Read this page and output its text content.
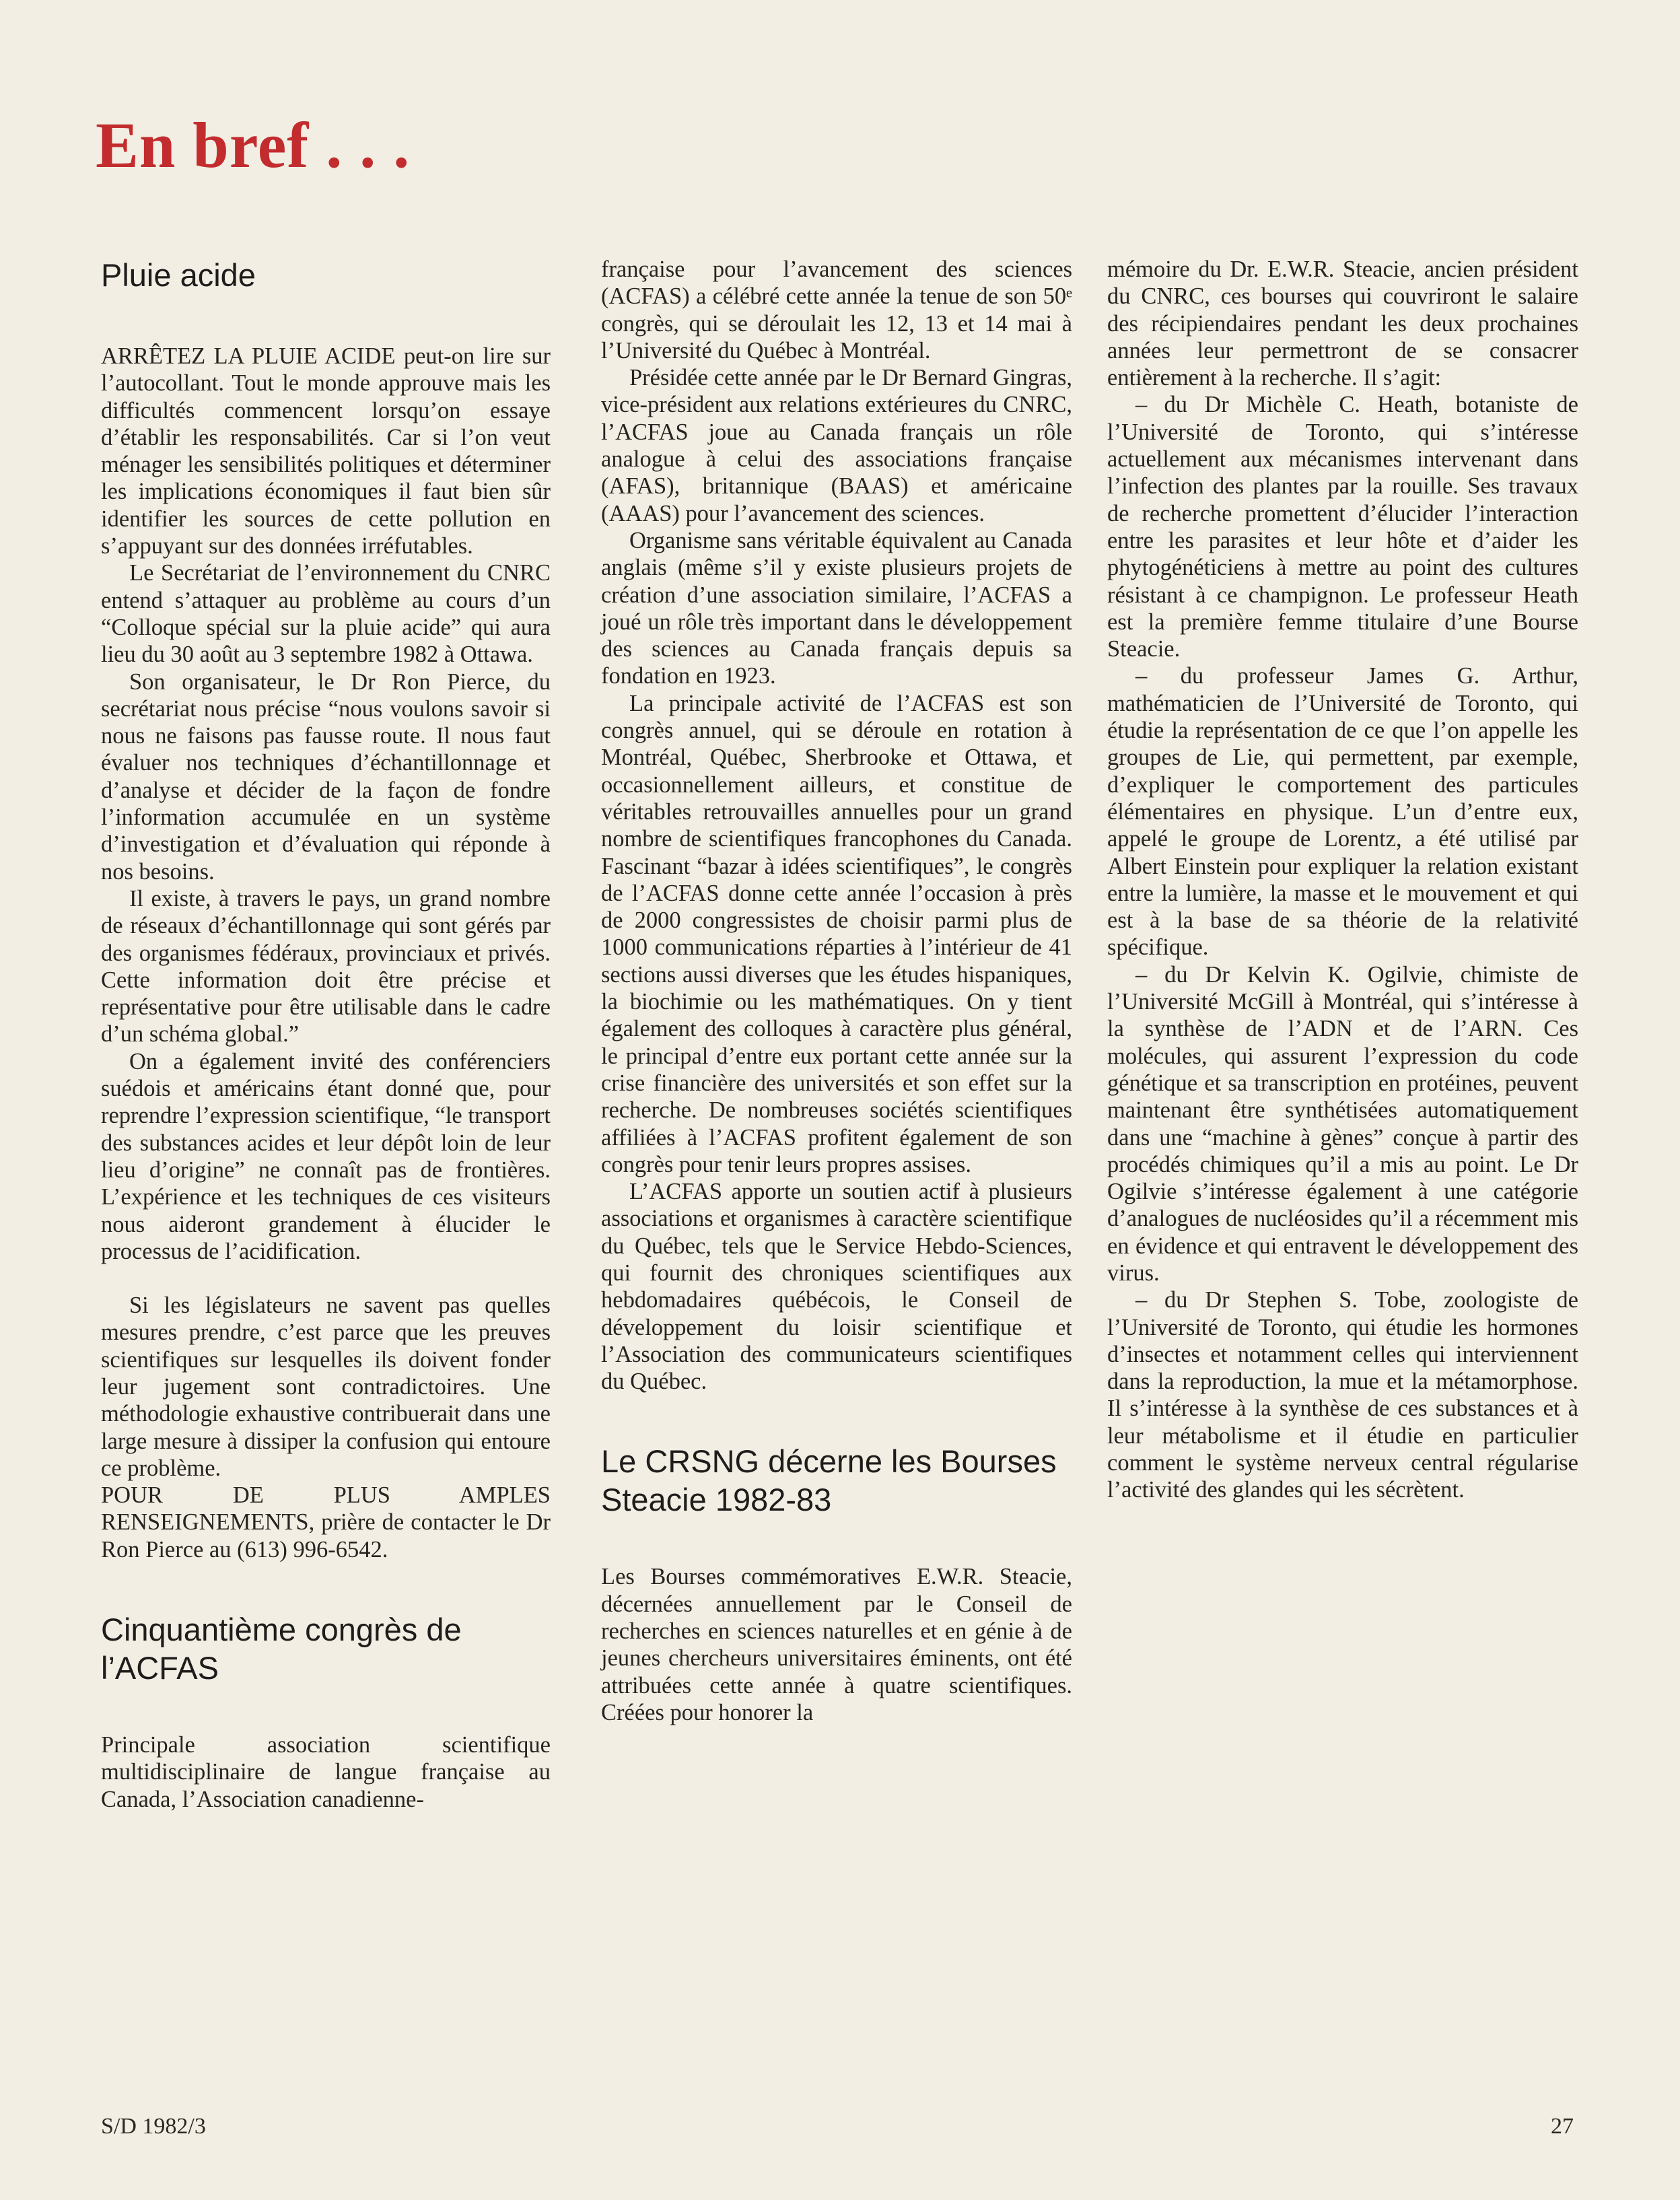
En bref . . .
Pluie acide

ARRÊTEZ LA PLUIE ACIDE peut-on lire sur l’autocollant. Tout le monde approuve mais les difficultés commencent lorsqu’on essaye d’établir les responsabilités. Car si l’on veut ménager les sensibilités politiques et déterminer les implications économiques il faut bien sûr identifier les sources de cette pollution en s’appuyant sur des données irréfutables.

Le Secrétariat de l’environnement du CNRC entend s’attaquer au problème au cours d’un “Colloque spécial sur la pluie acide” qui aura lieu du 30 août au 3 septembre 1982 à Ottawa.

Son organisateur, le Dr Ron Pierce, du secrétariat nous précise “nous voulons savoir si nous ne faisons pas fausse route. Il nous faut évaluer nos techniques d’échantillonnage et d’analyse et décider de la façon de fondre l’information accumulée en un système d’investigation et d’évaluation qui réponde à nos besoins.

Il existe, à travers le pays, un grand nombre de réseaux d’échantillonnage qui sont gérés par des organismes fédéraux, provinciaux et privés. Cette information doit être précise et représentative pour être utilisable dans le cadre d’un schéma global.”

On a également invité des conférenciers suédois et américains étant donné que, pour reprendre l’expression scientifique, “le transport des substances acides et leur dépôt loin de leur lieu d’origine” ne connaît pas de frontières. L’expérience et les techniques de ces visiteurs nous aideront grandement à élucider le processus de l’acidification.

Si les législateurs ne savent pas quelles mesures prendre, c’est parce que les preuves scientifiques sur lesquelles ils doivent fonder leur jugement sont contradictoires. Une méthodologie exhaustive contribuerait dans une large mesure à dissiper la confusion qui entoure ce problème.

POUR DE PLUS AMPLES RENSEIGNEMENTS, prière de contacter le Dr Ron Pierce au (613) 996-6542.

Cinquantième congrès de l’ACFAS

Principale association scientifique multidisciplinaire de langue française au Canada, l’Association canadienne-

française pour l’avancement des sciences (ACFAS) a célébré cette année la tenue de son 50ᵉ congrès, qui se déroulait les 12, 13 et 14 mai à l’Université du Québec à Montréal.

Présidée cette année par le Dr Bernard Gingras, vice-président aux relations extérieures du CNRC, l’ACFAS joue au Canada français un rôle analogue à celui des associations française (AFAS), britannique (BAAS) et américaine (AAAS) pour l’avancement des sciences.

Organisme sans véritable équivalent au Canada anglais (même s’il y existe plusieurs projets de création d’une association similaire, l’ACFAS a joué un rôle très important dans le développement des sciences au Canada français depuis sa fondation en 1923.

La principale activité de l’ACFAS est son congrès annuel, qui se déroule en rotation à Montréal, Québec, Sherbrooke et Ottawa, et occasionnellement ailleurs, et constitue de véritables retrouvailles annuelles pour un grand nombre de scientifiques francophones du Canada. Fascinant “bazar à idées scientifiques”, le congrès de l’ACFAS donne cette année l’occasion à près de 2000 congressistes de choisir parmi plus de 1000 communications réparties à l’intérieur de 41 sections aussi diverses que les études hispaniques, la biochimie ou les mathématiques. On y tient également des colloques à caractère plus général, le principal d’entre eux portant cette année sur la crise financière des universités et son effet sur la recherche. De nombreuses sociétés scientifiques affiliées à l’ACFAS profitent également de son congrès pour tenir leurs propres assises.

L’ACFAS apporte un soutien actif à plusieurs associations et organismes à caractère scientifique du Québec, tels que le Service Hebdo-Sciences, qui fournit des chroniques scientifiques aux hebdomadaires québécois, le Conseil de développement du loisir scientifique et l’Association des communicateurs scientifiques du Québec.

Le CRSNG décerne les Bourses Steacie 1982-83

Les Bourses commémoratives E.W.R. Steacie, décernées annuellement par le Conseil de recherches en sciences naturelles et en génie à de jeunes chercheurs universitaires éminents, ont été attribuées cette année à quatre scientifiques. Créées pour honorer la

mémoire du Dr. E.W.R. Steacie, ancien président du CNRC, ces bourses qui couvriront le salaire des récipiendaires pendant les deux prochaines années leur permettront de se consacrer entièrement à la recherche. Il s’agit:

– du Dr Michèle C. Heath, botaniste de l’Université de Toronto, qui s’intéresse actuellement aux mécanismes intervenant dans l’infection des plantes par la rouille. Ses travaux de recherche promettent d’élucider l’interaction entre les parasites et leur hôte et d’aider les phytogénéticiens à mettre au point des cultures résistant à ce champignon. Le professeur Heath est la première femme titulaire d’une Bourse Steacie.

– du professeur James G. Arthur, mathématicien de l’Université de Toronto, qui étudie la représentation de ce que l’on appelle les groupes de Lie, qui permettent, par exemple, d’expliquer le comportement des particules élémentaires en physique. L’un d’entre eux, appelé le groupe de Lorentz, a été utilisé par Albert Einstein pour expliquer la relation existant entre la lumière, la masse et le mouvement et qui est à la base de sa théorie de la relativité spécifique.

– du Dr Kelvin K. Ogilvie, chimiste de l’Université McGill à Montréal, qui s’intéresse à la synthèse de l’ADN et de l’ARN. Ces molécules, qui assurent l’expression du code génétique et sa transcription en protéines, peuvent maintenant être synthétisées automatiquement dans une “machine à gènes” conçue à partir des procédés chimiques qu’il a mis au point. Le Dr Ogilvie s’intéresse également à une catégorie d’analogues de nucléosides qu’il a récemment mis en évidence et qui entravent le développement des virus.

– du Dr Stephen S. Tobe, zoologiste de l’Université de Toronto, qui étudie les hormones d’insectes et notamment celles qui interviennent dans la reproduction, la mue et la métamorphose. Il s’intéresse à la synthèse de ces substances et à leur métabolisme et il étudie en particulier comment le système nerveux central régularise l’activité des glandes qui les sécrètent.

S/D 1982/3	27
